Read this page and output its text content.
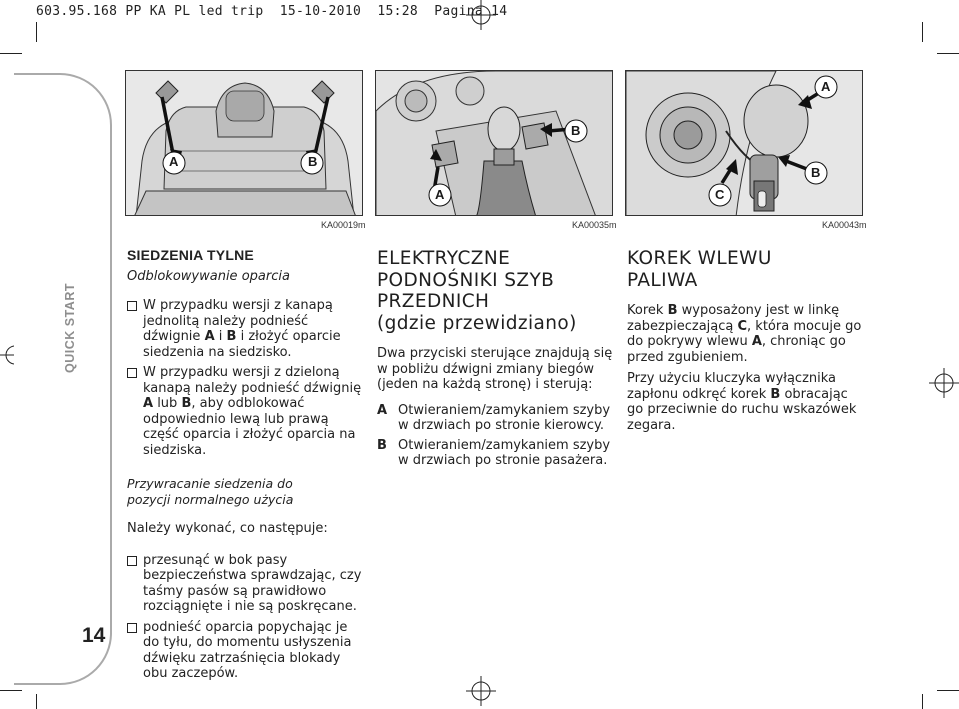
603.95.168 PP KA PL led trip  15-10-2010  15:28  Pagina 14
QUICK START
14
A	B
KA00019m
A
B
KA00035m
A
B
C
KA00043m
SIEDZENIA TYLNE
Odblokowywanie oparcia
W przypadku wersji z kanapą jednolitą należy podnieść dźwignie A i B i złożyć oparcie siedzenia na siedzisko.
W przypadku wersji z dzieloną kanapą należy podnieść dźwignię A lub B, aby odblokować odpowiednio lewą lub prawą część oparcia i złożyć oparcia na siedziska.
Przywracanie siedzenia do pozycji normalnego użycia
Należy wykonać, co następuje:
przesunąć w bok pasy bezpieczeństwa sprawdzając, czy taśmy pasów są prawidłowo rozciągnięte i nie są poskręcane.
podnieść oparcia popychając je do tyłu, do momentu usłyszenia dźwięku zatrzaśnięcia blokady obu zaczepów.
ELEKTRYCZNE
PODNOŚNIKI SZYB
PRZEDNICH
(gdzie przewidziano)
Dwa przyciski sterujące znajdują się w pobliżu dźwigni zmiany biegów (jeden na każdą stronę) i sterują:
A Otwieraniem/zamykaniem szyby w drzwiach po stronie kierowcy.
B Otwieraniem/zamykaniem szyby w drzwiach po stronie pasażera.
KOREK WLEWU
PALIWA
Korek B wyposażony jest w linkę zabezpieczającą C, która mocuje go do pokrywy wlewu A, chroniąc go przed zgubieniem.
Przy użyciu kluczyka wyłącznika zapłonu odkręć korek B obracając go przeciwnie do ruchu wskazówek zegara.
